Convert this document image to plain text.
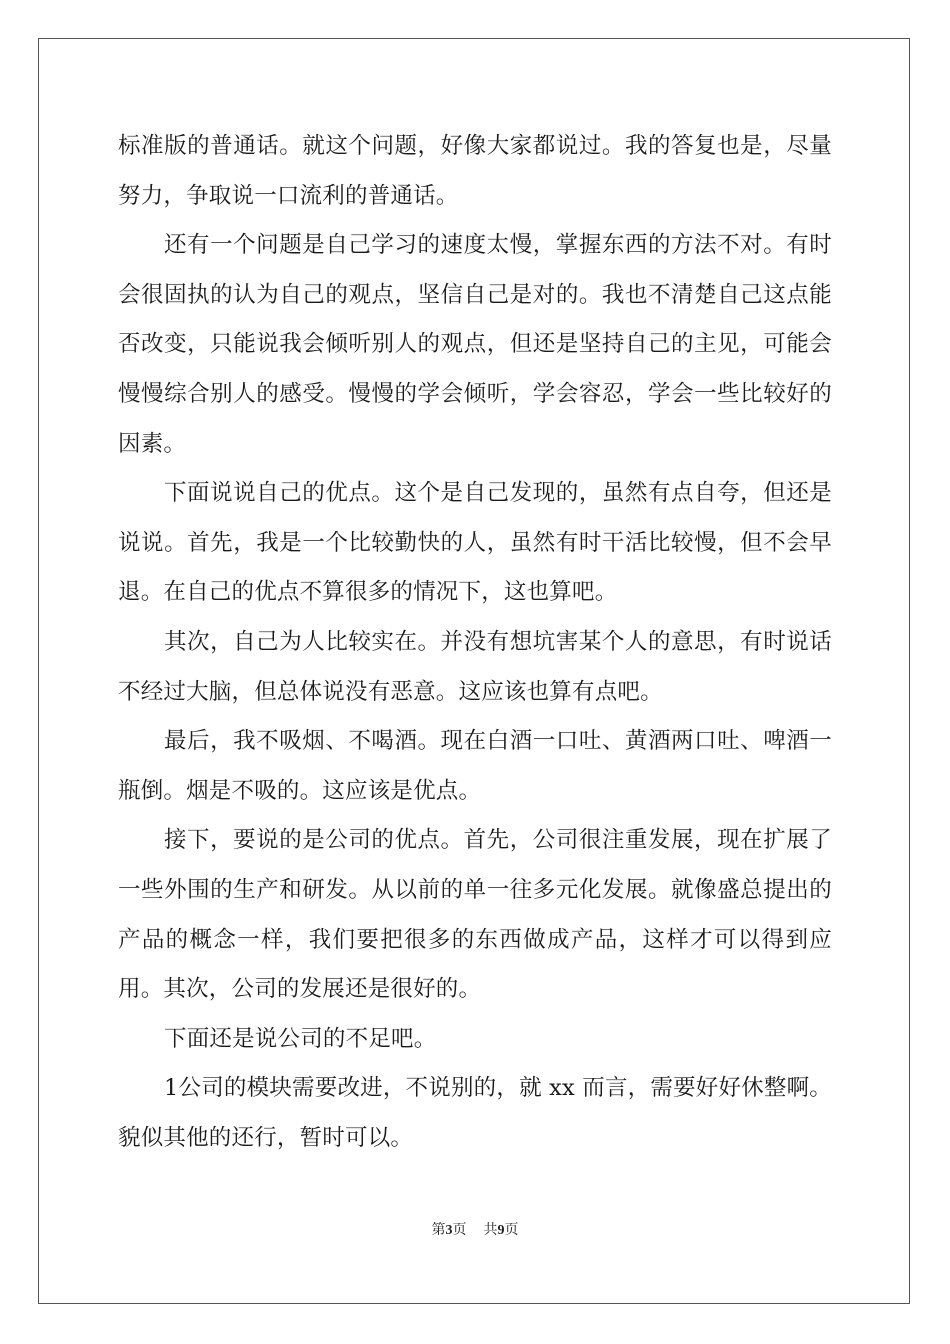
标准版的普通话。就这个问题，好像大家都说过。我的答复也是，尽量努力，争取说一口流利的普通话。

还有一个问题是自己学习的速度太慢，掌握东西的方法不对。有时会很固执的认为自己的观点，坚信自己是对的。我也不清楚自己这点能否改变，只能说我会倾听别人的观点，但还是坚持自己的主见，可能会慢慢综合别人的感受。慢慢的学会倾听，学会容忍，学会一些比较好的因素。

下面说说自己的优点。这个是自己发现的，虽然有点自夸，但还是说说。首先，我是一个比较勤快的人，虽然有时干活比较慢，但不会早退。在自己的优点不算很多的情况下，这也算吧。

其次，自己为人比较实在。并没有想坑害某个人的意思，有时说话不经过大脑，但总体说没有恶意。这应该也算有点吧。

最后，我不吸烟、不喝酒。现在白酒一口吐、黄酒两口吐、啤酒一瓶倒。烟是不吸的。这应该是优点。

接下，要说的是公司的优点。首先，公司很注重发展，现在扩展了一些外围的生产和研发。从以前的单一往多元化发展。就像盛总提出的产品的概念一样，我们要把很多的东西做成产品，这样才可以得到应用。其次，公司的发展还是很好的。

下面还是说公司的不足吧。

1公司的模块需要改进，不说别的，就 xx 而言，需要好好休整啊。貌似其他的还行，暂时可以。

第3页 共9页
